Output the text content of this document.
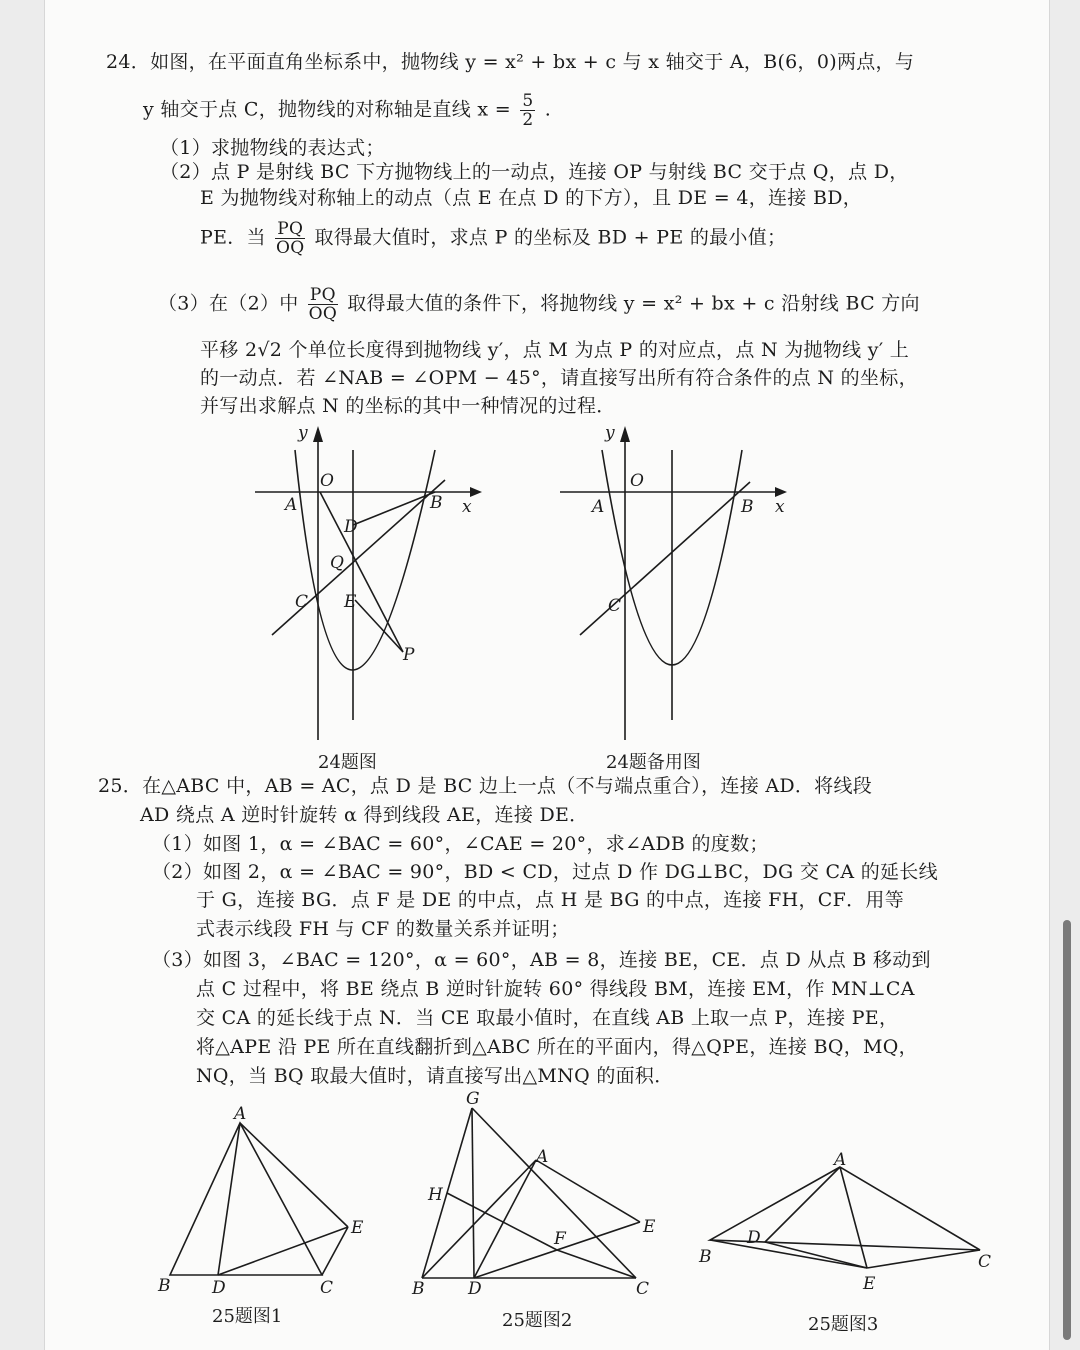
24．如图，在平面直角坐标系中，抛物线 y = x² + bx + c 与 x 轴交于 A，B(6，0)两点，与
y 轴交于点 C，抛物线的对称轴是直线 $x = \frac{5}{2}$ .
（1）求抛物线的表达式；
（2）点 P 是射线 BC 下方抛物线上的一动点，连接 OP 与射线 BC 交于点 Q，点 D，
E 为抛物线对称轴上的动点（点 E 在点 D 的下方），且 DE = 4，连接 BD，
PE．当 $\frac{PQ}{OQ}$ 取得最大值时，求点 P 的坐标及 BD + PE 的最小值；
（3）在（2）中 $\frac{PQ}{OQ}$ 取得最大值的条件下，将抛物线 y = x² + bx + c 沿射线 BC 方向
平移 2√2 个单位长度得到抛物线 y′，点 M 为点 P 的对应点，点 N 为抛物线 y′ 上
的一动点．若 ∠NAB = ∠OPM − 45°，请直接写出所有符合条件的点 N 的坐标，
并写出求解点 N 的坐标的其中一种情况的过程．
y
x
O
A	B
C
D
E
Q
P
24题图
y
x
O
A	B
C
24题备用图
25．在△ABC 中，AB = AC，点 D 是 BC 边上一点（不与端点重合），连接 AD．将线段
AD 绕点 A 逆时针旋转 α 得到线段 AE，连接 DE．
（1）如图 1，α = ∠BAC = 60°，∠CAE = 20°，求∠ADB 的度数；
（2）如图 2，α = ∠BAC = 90°，BD < CD，过点 D 作 DG⊥BC，DG 交 CA 的延长线
于 G，连接 BG．点 F 是 DE 的中点，点 H 是 BG 的中点，连接 FH，CF．用等
式表示线段 FH 与 CF 的数量关系并证明；
（3）如图 3，∠BAC = 120°，α = 60°，AB = 8，连接 BE，CE．点 D 从点 B 移动到
点 C 过程中，将 BE 绕点 B 逆时针旋转 60° 得线段 BM，连接 EM，作 MN⊥CA
交 CA 的延长线于点 N．当 CE 取最小值时，在直线 AB 上取一点 P，连接 PE，
将△APE 沿 PE 所在直线翻折到△ABC 所在的平面内，得△QPE，连接 BQ，MQ，
NQ，当 BQ 取最大值时，请直接写出△MNQ 的面积．
A
B D	C
E
25题图1
G
A
H
F
E
B	D	C
25题图2
A
D
B	C
E
25题图3
